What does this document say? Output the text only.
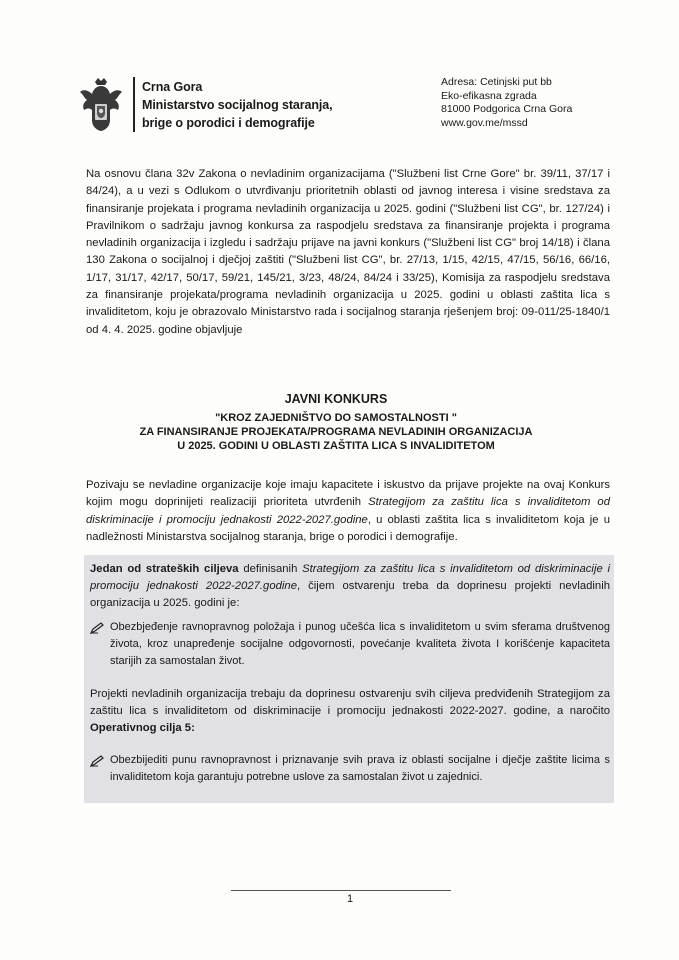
Crna Gora
Ministarstvo socijalnog staranja,
brige o porodici i demografije
Adresa: Cetinjski put bb
Eko-efikasna zgrada
81000 Podgorica Crna Gora
www.gov.me/mssd
Na osnovu člana 32v Zakona o nevladinim organizacijama ("Službeni list Crne Gore" br. 39/11, 37/17 i 84/24), a u vezi s Odlukom o utvrđivanju prioritetnih oblasti od javnog interesa i visine sredstava za finansiranje projekata i programa nevladinih organizacija u 2025. godini ("Službeni list CG", br. 127/24) i Pravilnikom o sadržaju javnog konkursa za raspodjelu sredstava za finansiranje projekta i programa nevladinih organizacija i izgledu i sadržaju prijave na javni konkurs ("Službeni list CG" broj 14/18) i člana 130 Zakona o socijalnoj i dječjoj zaštiti ("Službeni list CG", br. 27/13, 1/15, 42/15, 47/15, 56/16, 66/16, 1/17, 31/17, 42/17, 50/17, 59/21, 145/21, 3/23, 48/24, 84/24 i 33/25), Komisija za raspodjelu sredstava za finansiranje projekata/programa nevladinih organizacija u 2025. godini u oblasti zaštita lica s invaliditetom, koju je obrazovalo Ministarstvo rada i socijalnog staranja rješenjem broj: 09-011/25-1840/1 od 4. 4. 2025. godine objavljuje
JAVNI KONKURS
"KROZ ZAJEDNIŠTVO DO SAMOSTALNOSTI "
ZA FINANSIRANJE PROJEKATA/PROGRAMA NEVLADINIH ORGANIZACIJA
U 2025. GODINI U OBLASTI ZAŠTITA LICA S INVALIDITETOM
Pozivaju se nevladine organizacije koje imaju kapacitete i iskustvo da prijave projekte na ovaj Konkurs kojim mogu doprinijeti realizaciji prioriteta utvrđenih Strategijom za zaštitu lica s invaliditetom od diskriminacije i promociju jednakosti 2022-2027.godine, u oblasti zaštita lica s invaliditetom koja je u nadležnosti Ministarstva socijalnog staranja, brige o porodici i demografije.
Jedan od strateških ciljeva definisanih Strategijom za zaštitu lica s invaliditetom od diskriminacije i promociju jednakosti 2022-2027.godine, čijem ostvarenju treba da doprinesu projekti nevladinih organizacija u 2025. godini je:
Obezbjeđenje ravnopravnog položaja i punog učešća lica s invaliditetom u svim sferama društvenog života, kroz unapređenje socijalne odgovornosti, povećanje kvaliteta života I korišćenje kapaciteta starijih za samostalan život.
Projekti nevladinih organizacija trebaju da doprinesu ostvarenju svih ciljeva predviđenih Strategijom za zaštitu lica s invaliditetom od diskriminacije i promociju jednakosti 2022-2027. godine, a naročito Operativnog cilja 5:
Obezbijediti punu ravnopravnost i priznavanje svih prava iz oblasti socijalne i dječje zaštite licima s invaliditetom koja garantuju potrebne uslove za samostalan život u zajednici.
1
